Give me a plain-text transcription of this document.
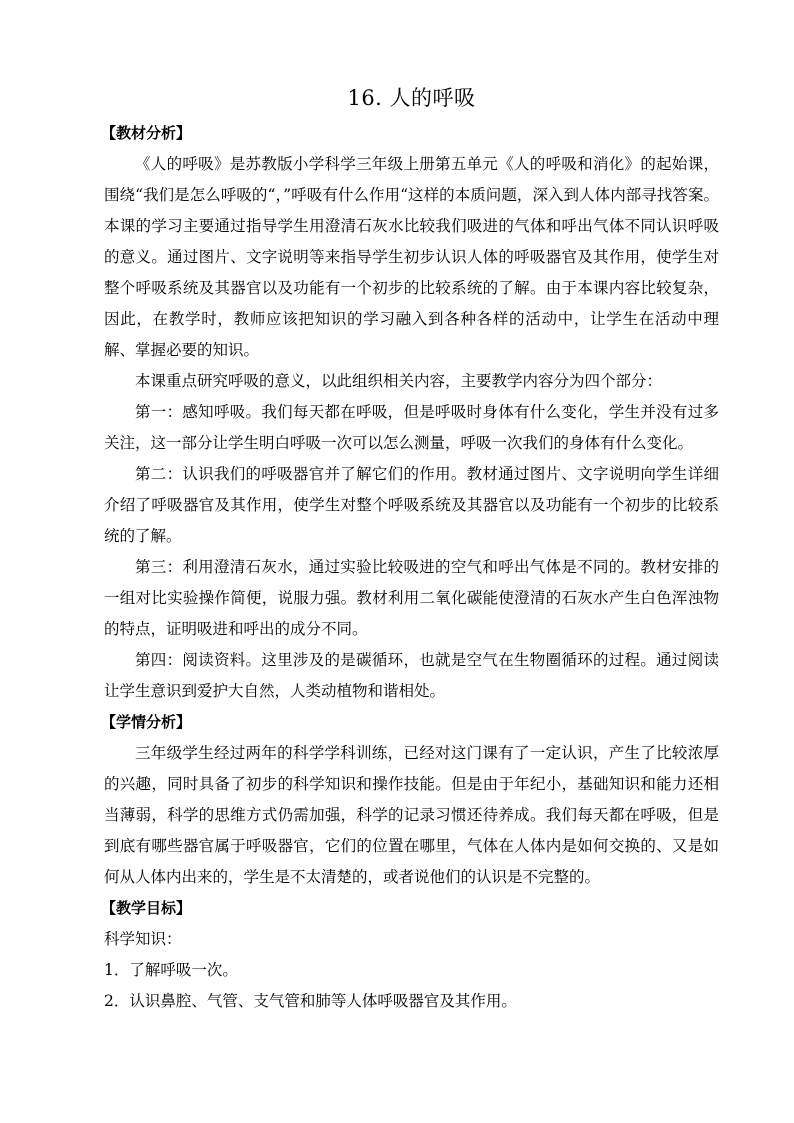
16. 人的呼吸
【教材分析】

《人的呼吸》是苏教版小学科学三年级上册第五单元《人的呼吸和消化》的起始课，围绕“我们是怎么呼吸的“，”呼吸有什么作用“这样的本质问题，深入到人体内部寻找答案。本课的学习主要通过指导学生用澄清石灰水比较我们吸进的气体和呼出气体不同认识呼吸的意义。通过图片、文字说明等来指导学生初步认识人体的呼吸器官及其作用，使学生对整个呼吸系统及其器官以及功能有一个初步的比较系统的了解。由于本课内容比较复杂，因此，在教学时，教师应该把知识的学习融入到各种各样的活动中，让学生在活动中理解、掌握必要的知识。

本课重点研究呼吸的意义，以此组织相关内容，主要教学内容分为四个部分：

第一：感知呼吸。我们每天都在呼吸，但是呼吸时身体有什么变化，学生并没有过多关注，这一部分让学生明白呼吸一次可以怎么测量，呼吸一次我们的身体有什么变化。

第二：认识我们的呼吸器官并了解它们的作用。教材通过图片、文字说明向学生详细介绍了呼吸器官及其作用，使学生对整个呼吸系统及其器官以及功能有一个初步的比较系统的了解。

第三：利用澄清石灰水，通过实验比较吸进的空气和呼出气体是不同的。教材安排的一组对比实验操作简便，说服力强。教材利用二氧化碳能使澄清的石灰水产生白色浑浊物的特点，证明吸进和呼出的成分不同。

第四：阅读资料。这里涉及的是碳循环，也就是空气在生物圈循环的过程。通过阅读让学生意识到爱护大自然，人类动植物和谐相处。

【学情分析】

三年级学生经过两年的科学学科训练，已经对这门课有了一定认识，产生了比较浓厚的兴趣，同时具备了初步的科学知识和操作技能。但是由于年纪小，基础知识和能力还相当薄弱，科学的思维方式仍需加强，科学的记录习惯还待养成。我们每天都在呼吸，但是到底有哪些器官属于呼吸器官，它们的位置在哪里，气体在人体内是如何交换的、又是如何从人体内出来的，学生是不太清楚的，或者说他们的认识是不完整的。

【教学目标】

科学知识：

1．了解呼吸一次。

2．认识鼻腔、气管、支气管和肺等人体呼吸器官及其作用。
